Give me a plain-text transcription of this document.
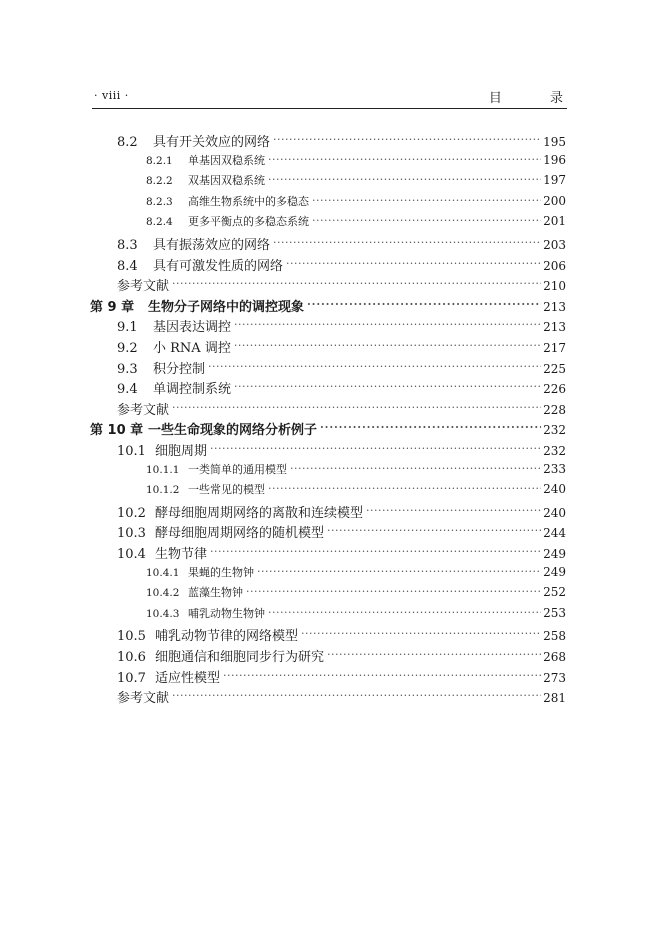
· viii ·	目 录
8.2	具有开关效应的网络 · · ·	195
8.2.1	单基因双稳系统 · · ·	196
8.2.2	双基因双稳系统 · · ·	197
8.2.3	高维生物系统中的多稳态 · · ·	200
8.2.4	更多平衡点的多稳态系统 · · ·	201
8.3	具有振荡效应的网络 · · ·	203
8.4	具有可激发性质的网络 · · ·	206
参考文献 · · ·	210
第 9 章	生物分子网络中的调控现象 · · ·	213
9.1	基因表达调控 · · ·	213
9.2	小 RNA 调控 · · ·	217
9.3	积分控制 · · ·	225
9.4	单调控制系统 · · ·	226
参考文献 · · ·	228
第 10 章 一些生命现象的网络分析例子 · · ·	232
10.1 细胞周期 · · ·	232
10.1.1 一类简单的通用模型 · · ·	233
10.1.2 一些常见的模型 · · ·	240
10.2 酵母细胞周期网络的离散和连续模型 · · ·	240
10.3 酵母细胞周期网络的随机模型 · · ·	244
10.4 生物节律 · · ·	249
10.4.1 果蝇的生物钟 · · ·	249
10.4.2 蓝藻生物钟 · · ·	252
10.4.3 哺乳动物生物钟 · · ·	253
10.5 哺乳动物节律的网络模型 · · ·	258
10.6 细胞通信和细胞同步行为研究 · · ·	268
10.7 适应性模型 · · ·	273
参考文献 · · ·	281
